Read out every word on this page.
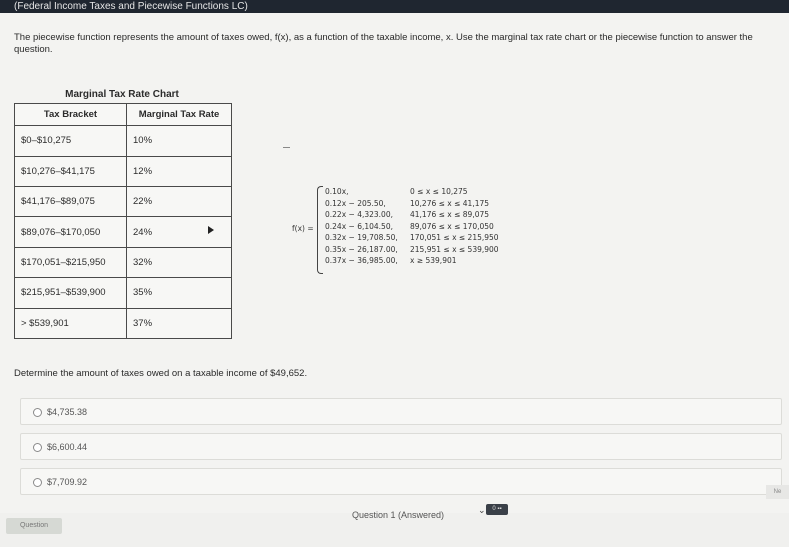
(Federal Income Taxes and Piecewise Functions LC)
The piecewise function represents the amount of taxes owed, f(x), as a function of the taxable income, x. Use the marginal tax rate chart or the piecewise function to answer the question.
Marginal Tax Rate Chart
Tax Bracket	Marginal Tax Rate
$0–$10,275	10%
$10,276–$41,175	12%
$41,176–$89,075	22%
$89,076–$170,050	24%
$170,051–$215,950	32%
$215,951–$539,900	35%
> $539,901	37%
f(x) =
0.10x,	0 ≤ x ≤ 10,275
0.12x − 205.50,	10,276 ≤ x ≤ 41,175
0.22x − 4,323.00, 41,176 ≤ x ≤ 89,075
0.24x − 6,104.50, 89,076 ≤ x ≤ 170,050
0.32x − 19,708.50, 170,051 ≤ x ≤ 215,950
0.35x − 26,187.00, 215,951 ≤ x ≤ 539,900
0.37x − 36,985.00, x ≥ 539,901
Determine the amount of taxes owed on a taxable income of $49,652.
$4,735.38
$6,600.44
$7,709.92
Question
Question 1 (Answered)	⌄	0 ▪▪
Ne
